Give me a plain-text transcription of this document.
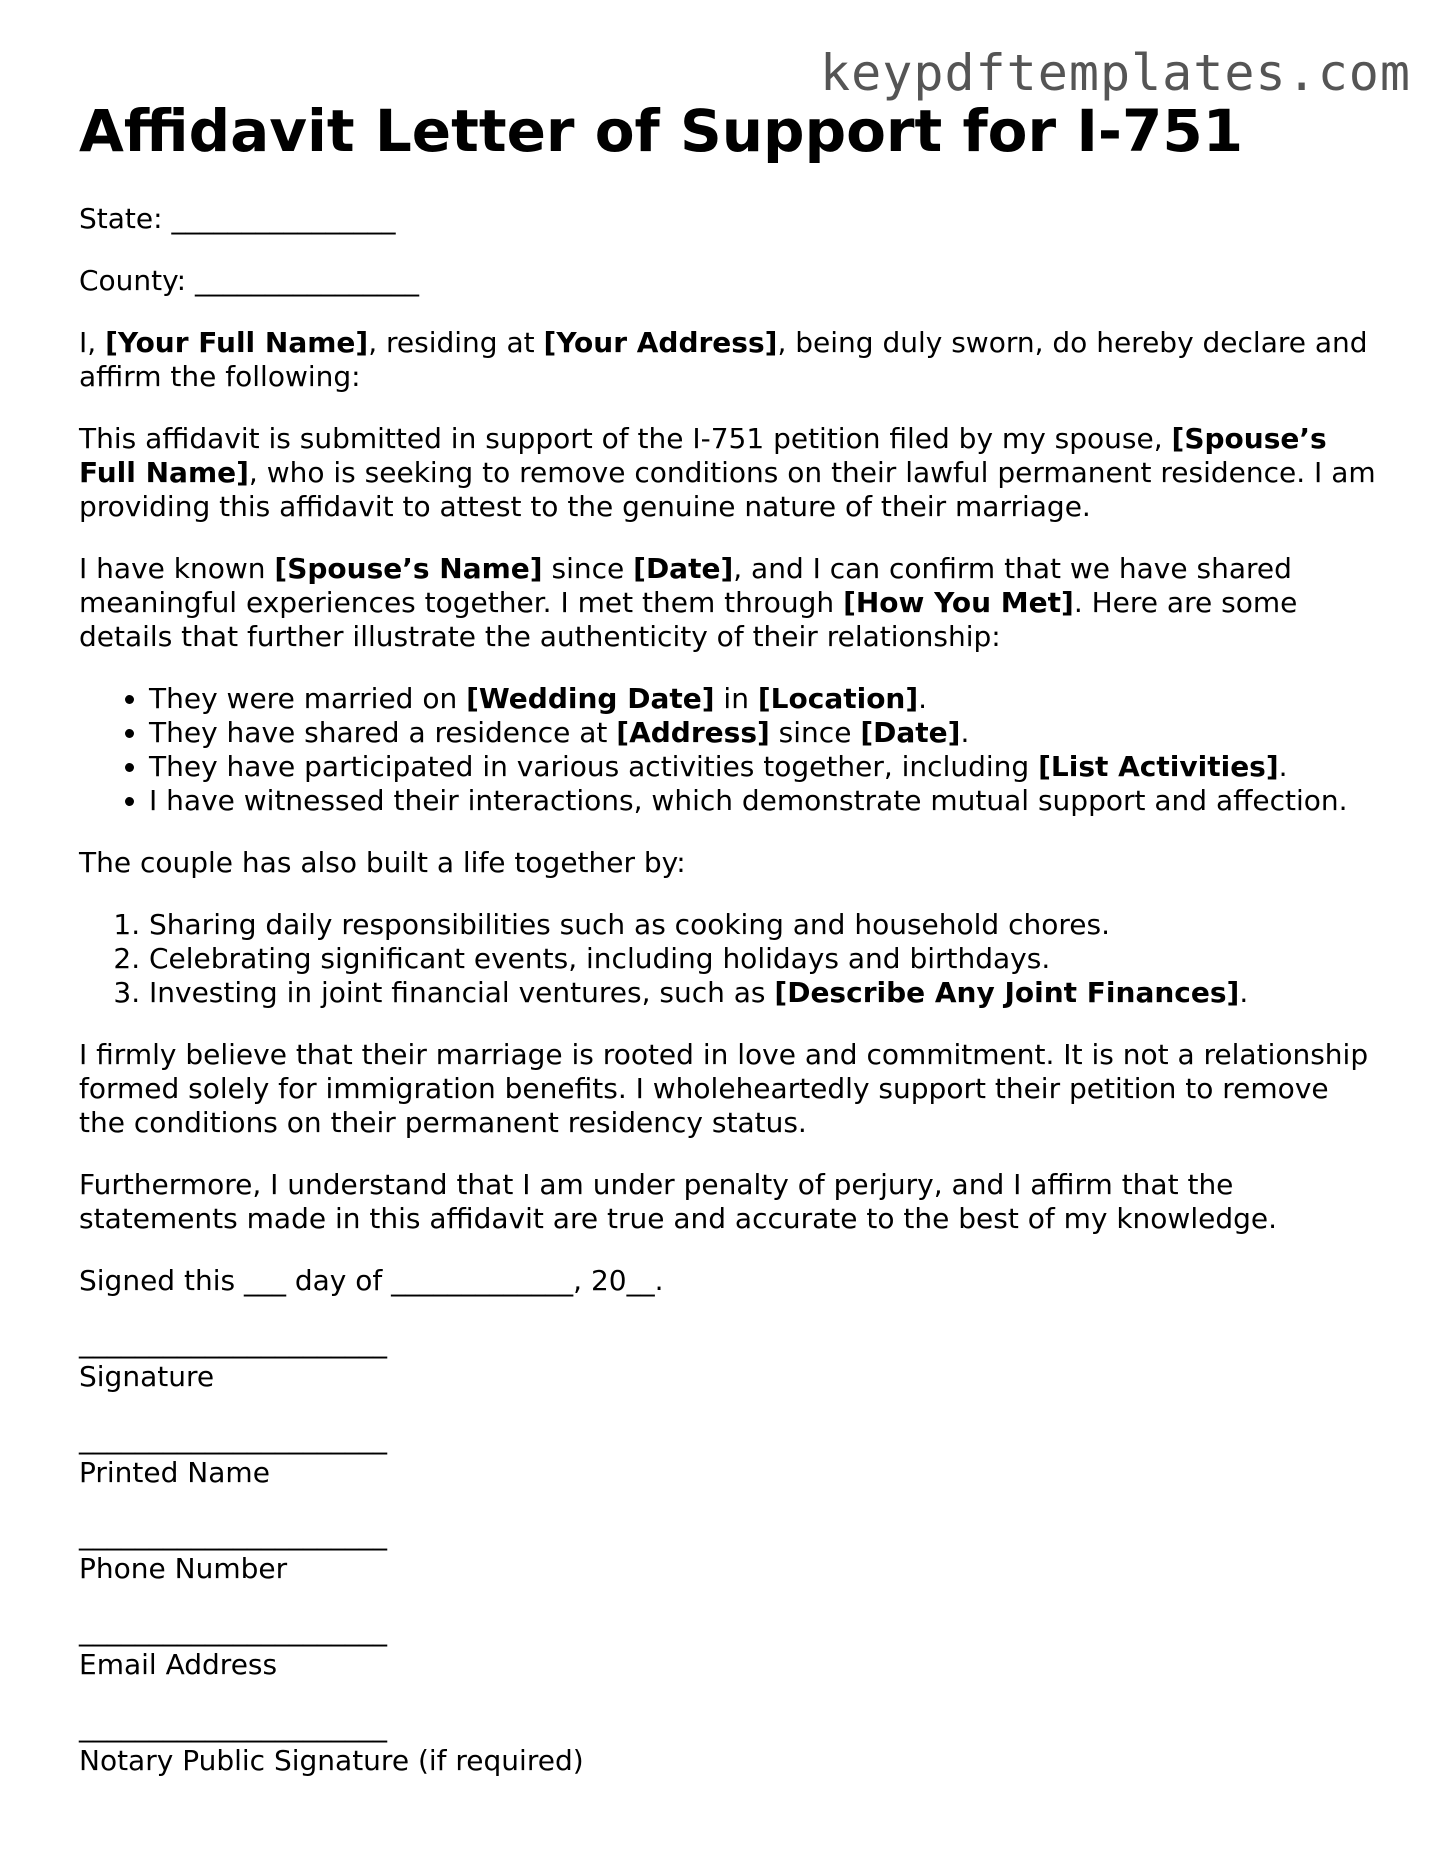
keypdftemplates.com
Affidavit Letter of Support for I-751

State: ________________

County: ________________

I, [Your Full Name], residing at [Your Address], being duly sworn, do hereby declare and affirm the following:

This affidavit is submitted in support of the I-751 petition filed by my spouse, [Spouse’s Full Name], who is seeking to remove conditions on their lawful permanent residence. I am providing this affidavit to attest to the genuine nature of their marriage.

I have known [Spouse’s Name] since [Date], and I can confirm that we have shared meaningful experiences together. I met them through [How You Met]. Here are some details that further illustrate the authenticity of their relationship:

• They were married on [Wedding Date] in [Location].
• They have shared a residence at [Address] since [Date].
• They have participated in various activities together, including [List Activities].
• I have witnessed their interactions, which demonstrate mutual support and affection.

The couple has also built a life together by:

1. Sharing daily responsibilities such as cooking and household chores.
2. Celebrating significant events, including holidays and birthdays.
3. Investing in joint financial ventures, such as [Describe Any Joint Finances].

I firmly believe that their marriage is rooted in love and commitment. It is not a relationship formed solely for immigration benefits. I wholeheartedly support their petition to remove the conditions on their permanent residency status.

Furthermore, I understand that I am under penalty of perjury, and I affirm that the statements made in this affidavit are true and accurate to the best of my knowledge.

Signed this ___ day of _____________, 20__.

______________________
Signature
______________________
Printed Name
______________________
Phone Number
______________________
Email Address
______________________
Notary Public Signature (if required)
